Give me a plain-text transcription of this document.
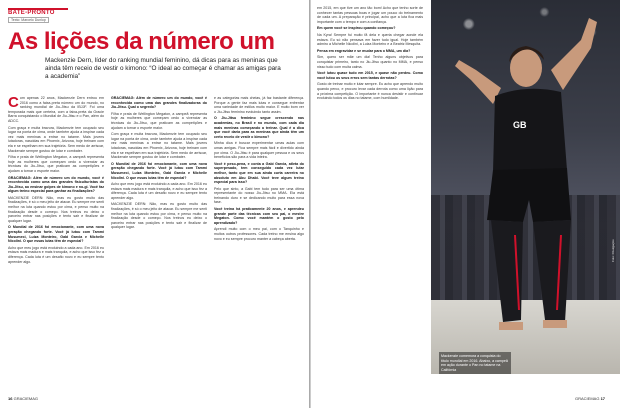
BATE-PRONTO
Texto: Marcelo Dunlop
As lições da número um
Mackenzie Dern, líder do ranking mundial feminino, dá dicas para as meninas que ainda têm receio de vestir o kimono: “O ideal ao começar é chamar as amigas para a academia”

Com apenas 22 anos, Mackenzie Dern entrou em 2016 como a faixa-preta número um do mundo, no ranking mundial de Jiu-Jitsu da IBJJF. Foi uma temporada mais que certeira, com a faixa-preta da Gracie Barra conquistando o Mundial de Jiu-Jitsu e o Pan, além do ADCC.

Com graça e muita bravura, Mackenzie tem ocupado seu lugar na ponta de cima, onde também ajuda a inspirar cada vez mais meninas a entrar no tatame. Mais jovens lutadoras, nascidas em Phoenix, Arizona, hoje treinam com ela e se espelham em sua trajetória. Sem medo de arriscar, Mackenzie sempre gostou de lutar e combater.

Filha e prata de Wellington Megaton, a campeã representa hoje as mulheres que começam cedo a vivenciar as técnicas do Jiu-Jitsu, que praticam as competições e ajudam a tornar o esporte maior.

GRACIEMAG: Além de número um do mundo, você é reconhecida como uma das grandes fisiculturistas do Jiu-Jitsu, ao ensinar golpes de kimono e no-gi. Você faz algum treino especial para ganhar as finalizações?

MACKENZIE DERN: Não, mas eu gosto muito das finalizações, é só o meu jeito de atacar. Eu sempre me senti melhor na luta quando estou por cima, e penso muito na finalização desde o começo. Nos treinos eu deixo o parceiro entrar nas posições e tento sair e finalizar de qualquer lugar.

O Mundial de 2016 foi emocionante, com uma nova geração chegando forte. Você já lutou com Tammi Musumeci, Luiza Monteiro, Gabi Garcia e Michelle Nicolini. O que essas lutas têm de especial?

Acho que meu jogo está evoluindo a cada ano. Em 2016 eu estava mais madura e mais tranquila, e acho que isso fez a diferença. Cada luta é um desafio novo e eu sempre tento aprender algo.

GRACIEMAG: Além de número um do mundo, você é reconhecida como uma das grandes finalizadoras do Jiu-Jitsu. Qual o segredo?

Filha e prata de Wellington Megaton, a campeã representa hoje as mulheres que começam cedo a vivenciar as técnicas do Jiu-Jitsu, que praticam as competições e ajudam a tornar o esporte maior.

Com graça e muita bravura, Mackenzie tem ocupado seu lugar na ponta de cima, onde também ajuda a inspirar cada vez mais meninas a entrar no tatame. Mais jovens lutadoras, nascidas em Phoenix, Arizona, hoje treinam com ela e se espelham em sua trajetória. Sem medo de arriscar, Mackenzie sempre gostou de lutar e combater.

O Mundial de 2016 foi emocionante, com uma nova geração chegando forte. Você já lutou com Tammi Musumeci, Luiza Monteiro, Gabi Garcia e Michelle Nicolini. O que essas lutas têm de especial?

Acho que meu jogo está evoluindo a cada ano. Em 2016 eu estava mais madura e mais tranquila, e acho que isso fez a diferença. Cada luta é um desafio novo e eu sempre tento aprender algo.

MACKENZIE DERN: Não, mas eu gosto muito das finalizações, é só o meu jeito de atacar. Eu sempre me senti melhor na luta quando estou por cima, e penso muito na finalização desde o começo. Nos treinos eu deixo o parceiro entrar nas posições e tento sair e finalizar de qualquer lugar.

e as categorias mais cheias, já faz bastante diferença. Porque a gente faz mais lutas e consegue enfrentar uma variedade de estilos muito maior. E muito bom ver o Jiu-Jitsu feminino evoluindo tanto assim.

O Jiu-Jitsu feminino segue crescendo nas academias, no Brasil e no mundo, com cada dia mais meninas começando a treinar. Qual é a dica que você daria para as meninas que ainda têm um certo receio de vestir o kimono?

Minha dica é buscar experimentar umas aulas com umas amigas. Fica sempre mais fácil e divertido ainda por cima. O Jiu-Jitsu é para qualquer pessoa e os seus benefícios são para a vida inteira.

Você é peso-pena, e conta a Gabi Garcia, atleta do superpesado, tem conseguido cada vez lutar melhor, tanto que em sua ainda curta carreira no absoluto em Abu Dhabi. Você teve algum treino especial para isso?

Pelo que sinto, a Gabi tem tudo para ser uma ótima representante do nosso Jiu-Jitsu no MMA. Ela está treinando duro e se dedicando muito para essa nova fase.

Você treina há praticamente 20 anos, e aprendeu grande parte das técnicas com seu pai, o mestre Megaton. Como você mantém o gosto pelo aprendizado?

Aprendi muito com o meu pai, com o Tanquinho e muitos outros professores. Cada treino me ensina algo novo e eu sempre procuro manter a cabeça aberta.

16 GRACIEMAG

em 2015, em que tive um ano tão bom! Acho que tenho sorte de conhecer tantas pessoas boas e jogar um pouco do treinamento de cada um. A preparação é principal, acho que a luta fica mais importante com o tempo e com a confiança.

Em quem você se inspirou quando começou?

Na Kyra! Sempre fui muito fã dela e queria chegar aonde ela estava. Eu só não pensava em fazer tudo igual. Hoje também admiro a Michelle Nicolini, a Luiza Monteiro e a Beatriz Mesquita.

Pensa em engravidar e se mudar para o MMA, um dia?

Sim, quero ser mãe um dia! Tenho alguns objetivos para conquistar primeiro, tanto no Jiu-Jitsu quanto no MMA, e penso nisso tudo com muita calma.

Você lutou quase tudo em 2015, e quase não perdeu. Como você lutou os seus erros sem tantas derrotas?

Gosto de treinar muito e lutar sempre. Eu acho que aprendo muito quando perco, e procuro levar cada derrota como uma lição para a próxima competição. O importante é nunca desistir e continuar evoluindo todos os dias no tatame, com humildade.

GB
Mackenzie comemora a conquista do título mundial em 2016. Abaixo, a campeã em ação durante o Pan no tatame na Califórnia
Foto: Divulgação
GRACIEMAG 17
